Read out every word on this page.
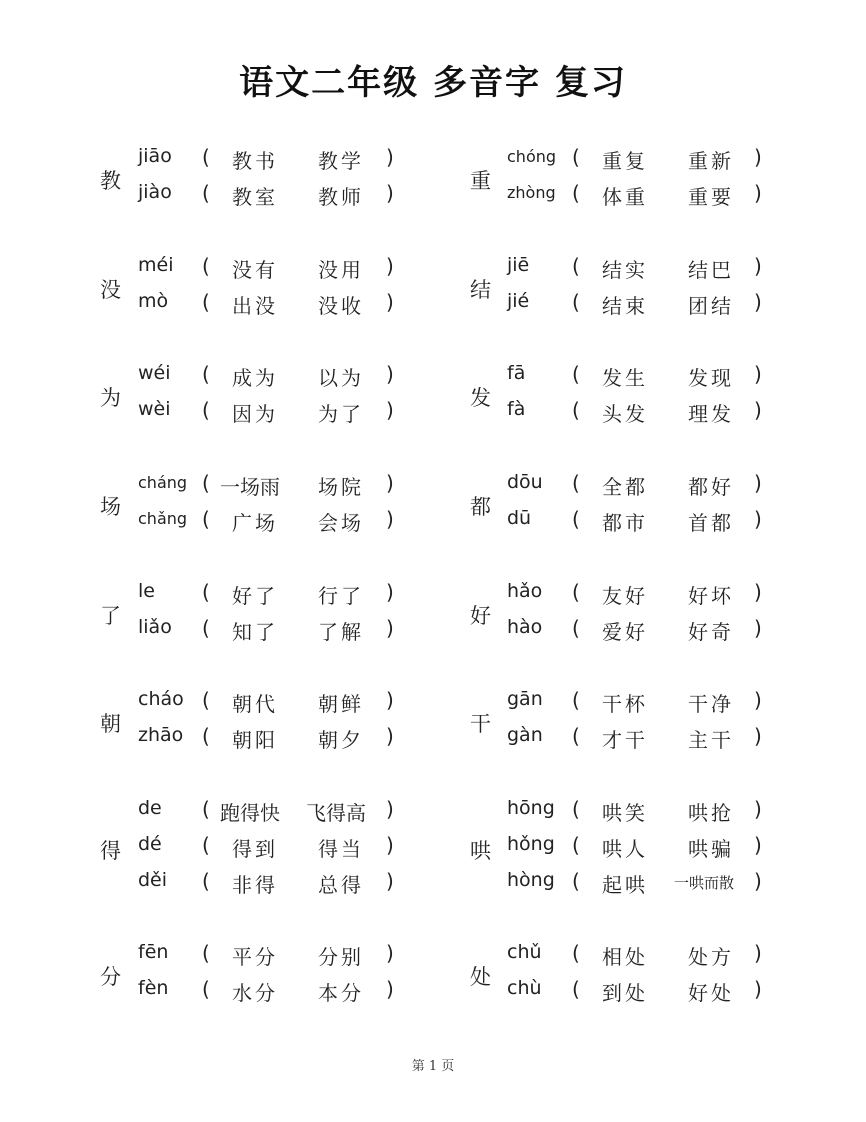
语文二年级 多音字 复习
教
jiāo ( 教书 教学 )
jiào ( 教室 教师 )
没
méi ( 没有 没用 )
mò ( 出没 没收 )
为
wéi ( 成为 以为 )
wèi ( 因为 为了 )
场
cháng ( 一场雨 场院 )
chǎng ( 广场 会场 )
了
le ( 好了 行了 )
liǎo ( 知了 了解 )
朝
cháo ( 朝代 朝鲜 )
zhāo ( 朝阳 朝夕 )
得
de ( 跑得快 飞得高 )
dé ( 得到 得当 )
děi ( 非得 总得 )
分
fēn ( 平分 分别 )
fèn ( 水分 本分 )
重
chóng ( 重复 重新 )
zhòng ( 体重 重要 )
结
jiē ( 结实 结巴 )
jié ( 结束 团结 )
发
fā ( 发生 发现 )
fà ( 头发 理发 )
都
dōu ( 全都 都好 )
dū ( 都市 首都 )
好
hǎo ( 友好 好坏 )
hào ( 爱好 好奇 )
干
gān ( 干杯 干净 )
gàn ( 才干 主干 )
哄
hōng ( 哄笑 哄抢 )
hǒng ( 哄人 哄骗 )
hòng ( 起哄 一哄而散 )
处
chǔ ( 相处 处方 )
chù ( 到处 好处 )
第 1 页
